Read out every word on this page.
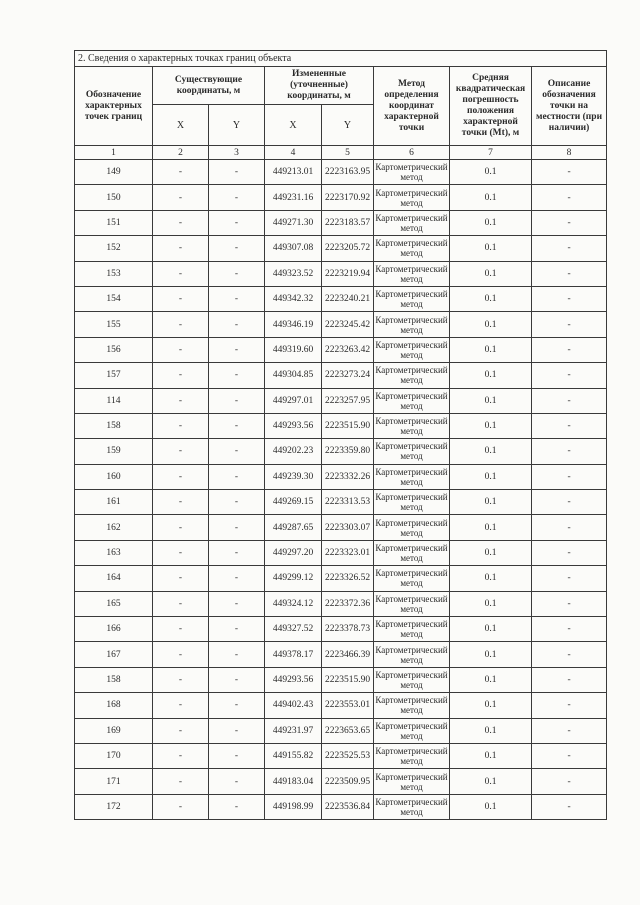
2. Сведения о характерных точках границ объекта							
Обозначение характерных точек границ	Существующие координаты, м		Измененные (уточненные) координаты, м		Метод определения координат характерной точки	Средняя квадратическая погрешность положения характерной точки (Mt), м	Описание обозначения точки на местности (при наличии)
	X	Y	X	Y			
1	2	3	4	5	6	7	8
149	-	-	449213.01	2223163.95	Картометрический метод	0.1	-
150	-	-	449231.16	2223170.92	Картометрический метод	0.1	-
151	-	-	449271.30	2223183.57	Картометрический метод	0.1	-
152	-	-	449307.08	2223205.72	Картометрический метод	0.1	-
153	-	-	449323.52	2223219.94	Картометрический метод	0.1	-
154	-	-	449342.32	2223240.21	Картометрический метод	0.1	-
155	-	-	449346.19	2223245.42	Картометрический метод	0.1	-
156	-	-	449319.60	2223263.42	Картометрический метод	0.1	-
157	-	-	449304.85	2223273.24	Картометрический метод	0.1	-
114	-	-	449297.01	2223257.95	Картометрический метод	0.1	-
158	-	-	449293.56	2223515.90	Картометрический метод	0.1	-
159	-	-	449202.23	2223359.80	Картометрический метод	0.1	-
160	-	-	449239.30	2223332.26	Картометрический метод	0.1	-
161	-	-	449269.15	2223313.53	Картометрический метод	0.1	-
162	-	-	449287.65	2223303.07	Картометрический метод	0.1	-
163	-	-	449297.20	2223323.01	Картометрический метод	0.1	-
164	-	-	449299.12	2223326.52	Картометрический метод	0.1	-
165	-	-	449324.12	2223372.36	Картометрический метод	0.1	-
166	-	-	449327.52	2223378.73	Картометрический метод	0.1	-
167	-	-	449378.17	2223466.39	Картометрический метод	0.1	-
158	-	-	449293.56	2223515.90	Картометрический метод	0.1	-
168	-	-	449402.43	2223553.01	Картометрический метод	0.1	-
169	-	-	449231.97	2223653.65	Картометрический метод	0.1	-
170	-	-	449155.82	2223525.53	Картометрический метод	0.1	-
171	-	-	449183.04	2223509.95	Картометрический метод	0.1	-
172	-	-	449198.99	2223536.84	Картометрический метод	0.1	-
